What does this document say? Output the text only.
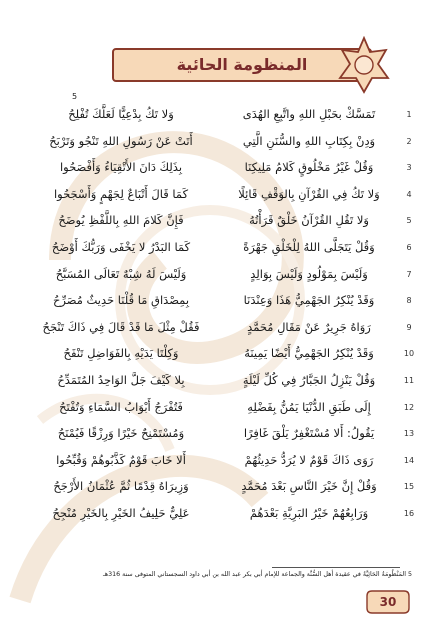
المنظومة الحائية
5
1
تَمَسَّكْ بحَبْلِ اللهِ واتَّبِعِ الهُدَى
وَلا تَكُ بِدْعِيًّا لَعَلَّكَ تُفْلِحُ
2
وَدِنْ بِكِتَابِ اللهِ والسُّنَنِ الَّتِي
أَتَتْ عَنْ رَسُولِ اللهِ تَنْجُو وَتَرْبَحُ
3
وَقُلْ غَيْرُ مَخْلُوقٍ كَلامُ مَلِيكِنَا
بِذَلِكَ دَانَ الأَتْقِيَاءُ وَأَفْصَحُوا
4
وَلا تَكُ فِي القُرْآنِ بِالوَقْفِ قَائِلًا
كَمَا قَالَ أَتْبَاعٌ لِجَهْمٍ وَأَسْجَحُوا
5
وَلا تَقُلِ القُرْآنُ خَلْقٌ قَرَأْتُهُ
فَإِنَّ كَلامَ اللهِ بِاللَّفْظِ يُوضَحُ
6
وَقُلْ يَتَجَلَّى اللهُ لِلْخَلْقِ جَهْرَةً
كَمَا البَدْرُ لا يَخْفَى وَرَبُّكَ أَوْضَحُ
7
وَلَيْسَ بِمَوْلُودٍ وَلَيْسَ بِوَالِدٍ
وَلَيْسَ لَهُ شِبْهٌ تَعَالَى المُسَبَّحُ
8
وَقَدْ يُنْكِرُ الجَهْمِيُّ هَذَا وَعِنْدَنَا
بِمِصْدَاقِ مَا قُلْنَا حَدِيثٌ مُصَرِّحُ
9
رَوَاهُ جَرِيرٌ عَنْ مَقَالِ مُحَمَّدٍ
فَقُلْ مِثْلَ مَا قَدْ قَالَ فِي ذَاكَ تَنْجَحُ
10
وَقَدْ يُنْكِرُ الجَهْمِيُّ أَيْضًا يَمِينَهُ
وَكِلْتَا يَدَيْهِ بِالفَوَاضِلِ تَنْفَحُ
11
وَقُلْ يَنْزِلُ الجَبَّارُ فِي كُلِّ لَيْلَةٍ
بِلا كَيْفَ جَلَّ الوَاحِدُ المُتَمَدِّحُ
12
إِلَى طَبَقِ الدُّنْيَا يَمُنُّ بِفَضْلِهِ
فَتُفْرَجُ أَبْوَابُ السَّمَاءِ وَتُفْتَحُ
13
يَقُولُ: أَلا مُسْتَغْفِرٌ يَلْقَ غَافِرًا
وَمُسْتَمْنِحٌ خَيْرًا وَرِزْقًا فَيُمْنَحُ
14
رَوَى ذَاكَ قَوْمٌ لا يُرَدُّ حَدِيثُهُمْ
أَلا خَابَ قَوْمٌ كَذَّبُوهُمْ وَقُبِّحُوا
15
وَقُلْ إِنَّ خَيْرَ النَّاسِ بَعْدَ مُحَمَّدٍ
وَزِيرَاهُ قِدْمًا ثُمَّ عُثْمَانُ الأَرْجَحُ
16
وَرَابِعُهُمْ خَيْرُ البَرِيَّةِ بَعْدَهُمْ
عَلِيٌّ حَلِيفُ الخَيْرِ بِالخَيْرِ مُنْجِحُ
5 المَنْظُومَةُ الحَائِيَّةُ في عقيدة أهل السُّنَّة والجماعة للإمام أبي بكر عبد الله بن أبي داود السجستاني المتوفى سنة 316هـ
30
